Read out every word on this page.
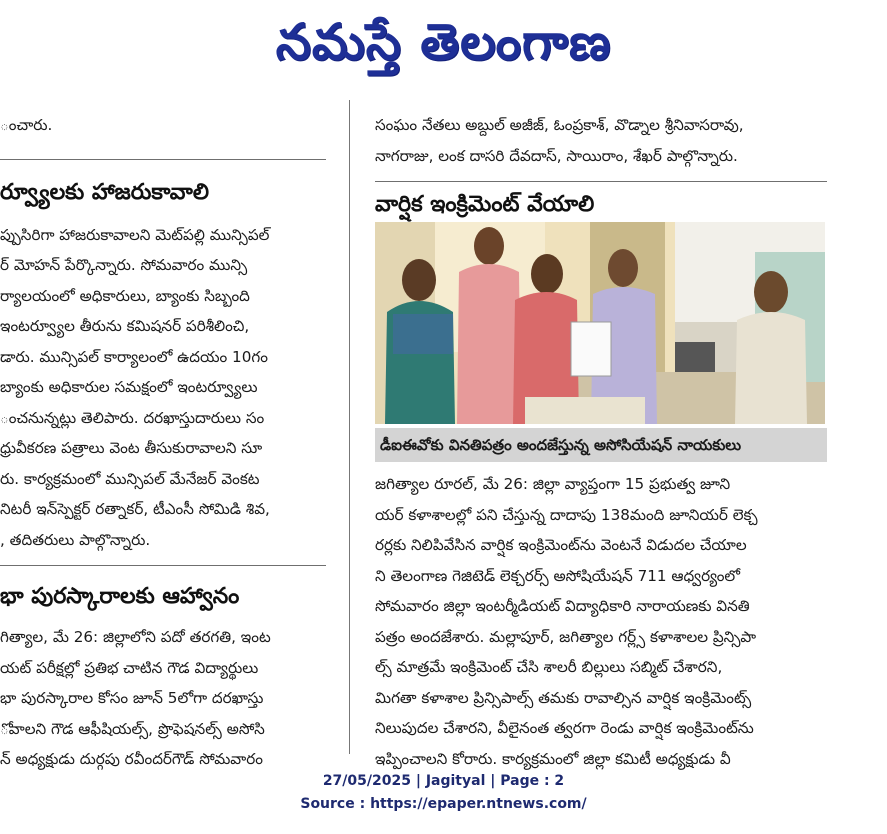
నమస్తే తెలంగాణ

ంచారు.

ర్వ్యూలకు హాజరుకావాలి

ప్పుసిరిగా హాజరుకావాలని మెట్‌పల్లి మున్సిపల్

ర్ మోహన్ పేర్కొన్నారు. సోమవారం మున్సి

ర్యాలయంలో అధికారులు, బ్యాంకు సిబ్బంది

ఇంటర్వ్యూల తీరును కమిషనర్ పరిశీలించి,

డారు. మున్సిపల్ కార్యాలంలో ఉదయం 10గం

బ్యాంకు అధికారుల సమక్షంలో ఇంటర్వ్యూలు

ంచనున్నట్లు తెలిపారు. దరఖాస్తుదారులు సం

ధ్రువీకరణ పత్రాలు వెంట తీసుకురావాలని సూ

రు. కార్యక్రమంలో మున్సిపల్ మేనేజర్ వెంకట

నిటరీ ఇన్‌స్పెక్టర్ రత్నాకర్, టీఎంసీ సోమిడి శివ,

, తదితరులు పాల్గొన్నారు.

భా పురస్కారాలకు ఆహ్వానం

గిత్యాల, మే 26: జిల్లాలోని పదో తరగతి, ఇంట

యట్ పరీక్షల్లో ప్రతిభ చాటిన గౌడ విద్యార్థులు

భా పురస్కారాల కోసం జూన్ 5లోగా దరఖాస్తు

ోవాలని గౌడ ఆఫీషియల్స్, ప్రొఫెషనల్స్ అసోసి

న్ అధ్యక్షుడు దుర్గపు రవీందర్‌గౌడ్ సోమవారం

సంఘం నేతలు అబ్దుల్ అజీజ్, ఓంప్రకాశ్, వొడ్నాల శ్రీనివాసరావు,

నాగరాజు, లంక దాసరి దేవదాస్, సాయిరాం, శేఖర్ పాల్గొన్నారు.

వార్షిక ఇంక్రిమెంట్ వేయాలి
డీఐఈవోకు వినతిపత్రం అందజేస్తున్న అసోసియేషన్ నాయకులు

జగిత్యాల రూరల్, మే 26: జిల్లా వ్యాప్తంగా 15 ప్రభుత్వ జూని

యర్ కళాశాలల్లో పని చేస్తున్న దాదాపు 138మంది జూనియర్ లెక్చ

రర్లకు నిలిపివేసిన వార్షిక ఇంక్రిమెంట్‌ను వెంటనే విడుదల చేయాల

ని తెలంగాణ గెజిటెడ్ లెక్చరర్స్ అసోషియేషన్ 711 ఆధ్వర్యంలో

సోమవారం జిల్లా ఇంటర్మీడియట్ విద్యాధికారి నారాయణకు వినతి

పత్రం అందజేశారు. మల్లాపూర్, జగిత్యాల గర్ల్స్ కళాశాలల ప్రిన్సిపా

ల్స్ మాత్రమే ఇంక్రిమెంట్ చేసి శాలరీ బిల్లులు సబ్మిట్ చేశారని,

మిగతా కళాశాల ప్రిన్సిపాల్స్ తమకు రావాల్సిన వార్షిక ఇంక్రిమెంట్స్

నిలుపుదల చేశారని, వీలైనంత త్వరగా రెండు వార్షిక ఇంక్రిమెంట్‌ను

ఇప్పించాలని కోరారు. కార్యక్రమంలో జిల్లా కమిటీ అధ్యక్షుడు వీ

27/05/2025 | Jagityal | Page : 2
Source : https://epaper.ntnews.com/
